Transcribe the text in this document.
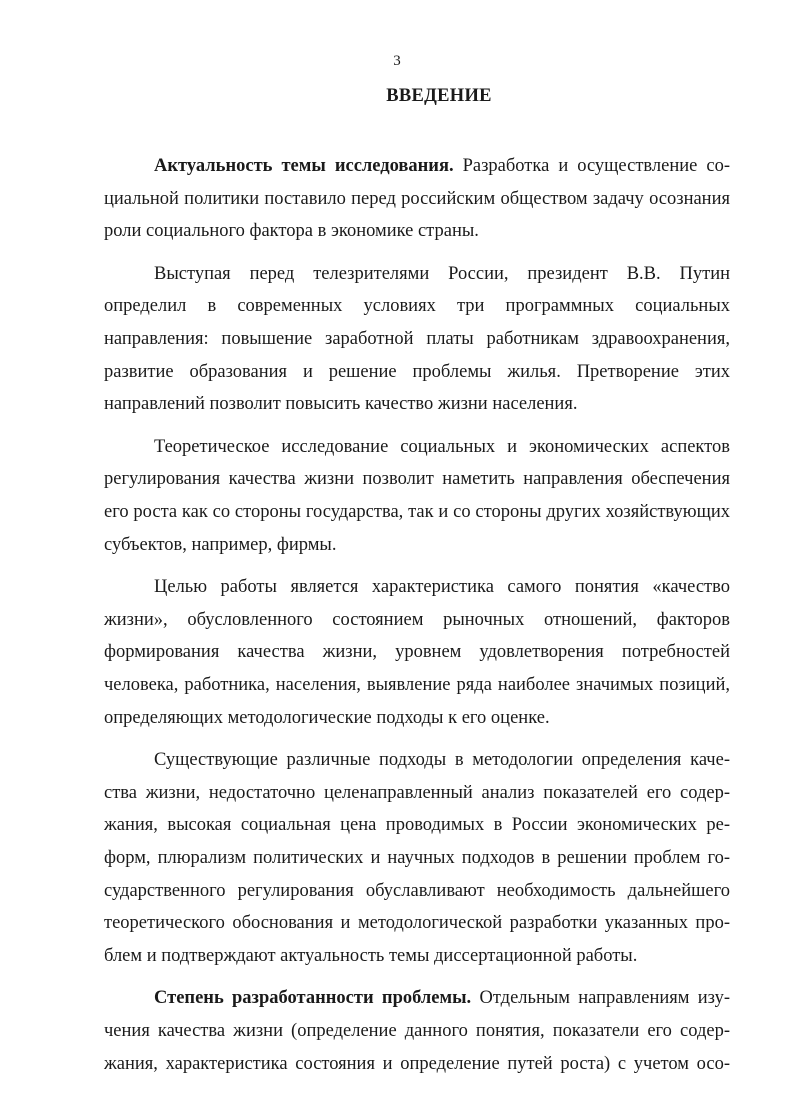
3
ВВЕДЕНИЕ

Актуальность темы исследования. Разработка и осуществление социальной политики поставило перед российским обществом задачу осознания роли социального фактора в экономике страны.

Выступая перед телезрителями России, президент В.В. Путин определил в современных условиях три программных социальных направления: повышение заработной платы работникам здравоохранения, развитие образования и решение проблемы жилья. Претворение этих направлений позволит повысить качество жизни населения.

Теоретическое исследование социальных и экономических аспектов регулирования качества жизни позволит наметить направления обеспечения его роста как со стороны государства, так и со стороны других хозяйствующих субъектов, например, фирмы.

Целью работы является характеристика самого понятия «качество жизни», обусловленного состоянием рыночных отношений, факторов формирования качества жизни, уровнем удовлетворения потребностей человека, работника, населения, выявление ряда наиболее значимых позиций, определяющих методологические подходы к его оценке.

Существующие различные подходы в методологии определения качества жизни, недостаточно целенаправленный анализ показателей его содержания, высокая социальная цена проводимых в России экономических реформ, плюрализм политических и научных подходов в решении проблем государственного регулирования обуславливают необходимость дальнейшего теоретического обоснования и методологической разработки указанных проблем и подтверждают актуальность темы диссертационной работы.

Степень разработанности проблемы. Отдельным направлениям изучения качества жизни (определение данного понятия, показатели его содержания, характеристика состояния и определение путей роста) с учетом осо-
